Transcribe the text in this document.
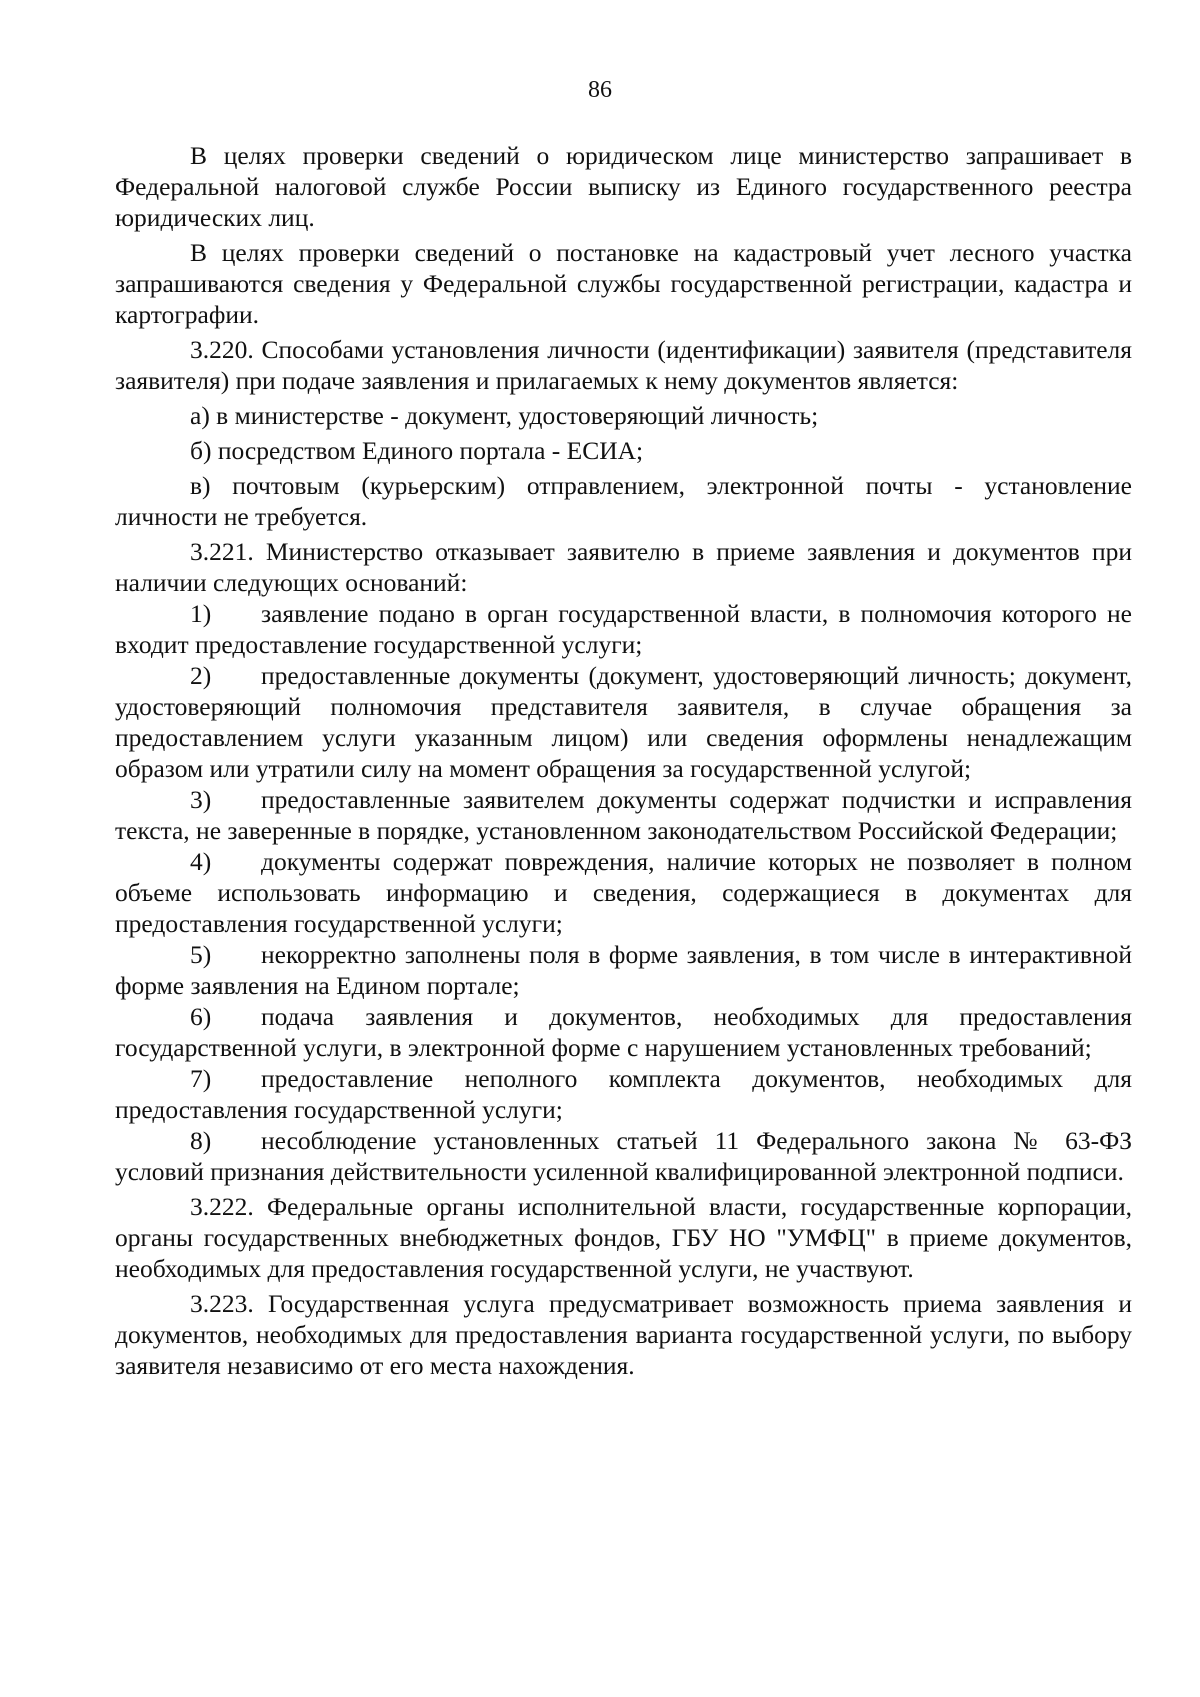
86

В целях проверки сведений о юридическом лице министерство запрашивает в Федеральной налоговой службе России выписку из Единого государственного реестра юридических лиц.

В целях проверки сведений о постановке на кадастровый учет лесного участка запрашиваются сведения у Федеральной службы государственной регистрации, кадастра и картографии.

3.220. Способами установления личности (идентификации) заявителя (представителя заявителя) при подаче заявления и прилагаемых к нему документов является:

а) в министерстве - документ, удостоверяющий личность;

б) посредством Единого портала - ЕСИА;

в) почтовым (курьерским) отправлением, электронной почты - установление личности не требуется.

3.221. Министерство отказывает заявителю в приеме заявления и документов при наличии следующих оснований:

1) заявление подано в орган государственной власти, в полномочия которого не входит предоставление государственной услуги;

2) предоставленные документы (документ, удостоверяющий личность; документ, удостоверяющий полномочия представителя заявителя, в случае обращения за предоставлением услуги указанным лицом) или сведения оформлены ненадлежащим образом или утратили силу на момент обращения за государственной услугой;

3) предоставленные заявителем документы содержат подчистки и исправления текста, не заверенные в порядке, установленном законодательством Российской Федерации;

4) документы содержат повреждения, наличие которых не позволяет в полном объеме использовать информацию и сведения, содержащиеся в документах для предоставления государственной услуги;

5) некорректно заполнены поля в форме заявления, в том числе в интерактивной форме заявления на Едином портале;

6) подача заявления и документов, необходимых для предоставления государственной услуги, в электронной форме с нарушением установленных требований;

7) предоставление неполного комплекта документов, необходимых для предоставления государственной услуги;

8) несоблюдение установленных статьей 11 Федерального закона № 63-ФЗ условий признания действительности усиленной квалифицированной электронной подписи.

3.222. Федеральные органы исполнительной власти, государственные корпорации, органы государственных внебюджетных фондов, ГБУ НО "УМФЦ" в приеме документов, необходимых для предоставления государственной услуги, не участвуют.

3.223. Государственная услуга предусматривает возможность приема заявления и документов, необходимых для предоставления варианта государственной услуги, по выбору заявителя независимо от его места нахождения.
